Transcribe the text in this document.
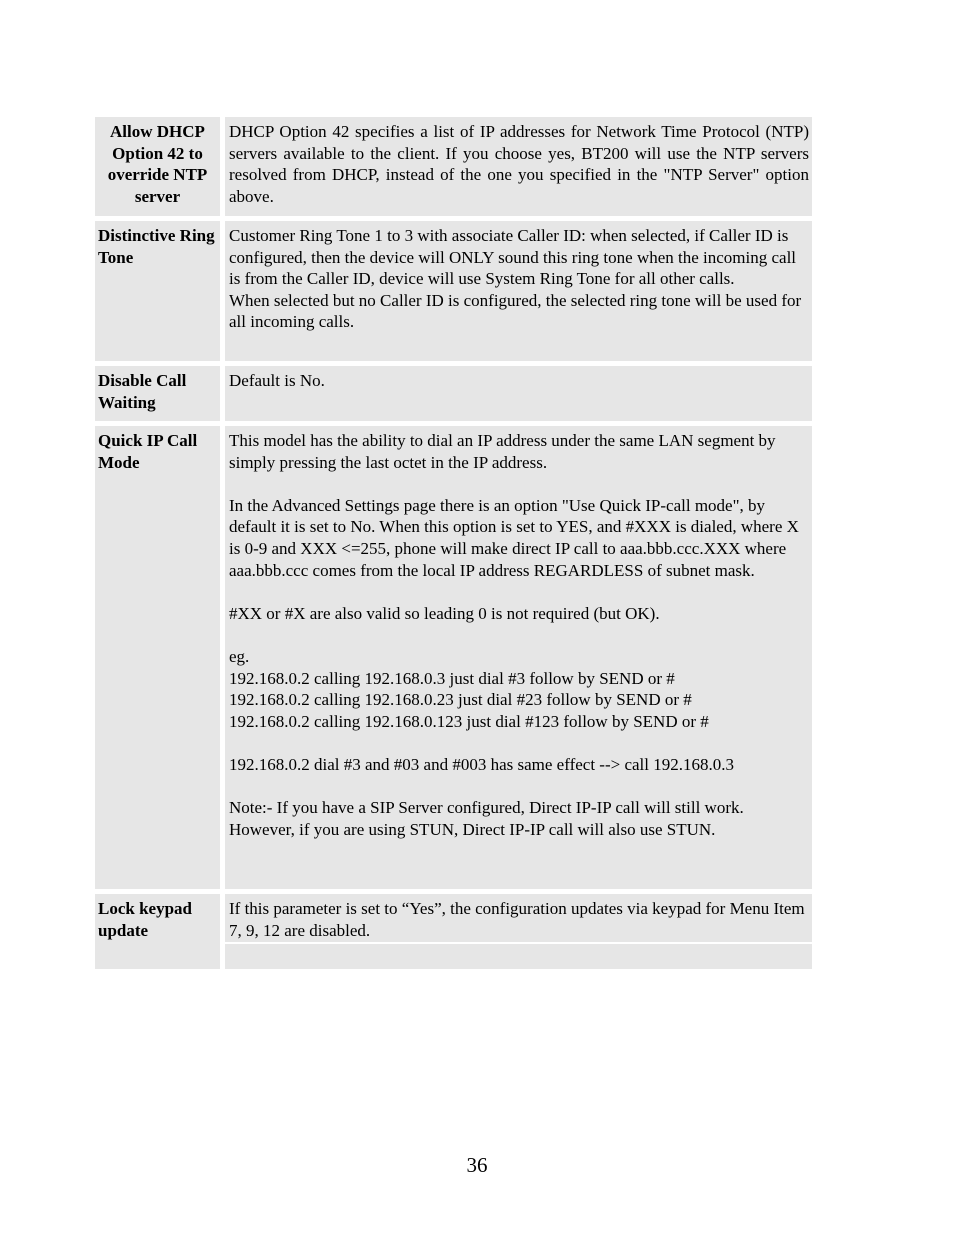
Allow DHCP Option 42 to override NTP server

DHCP Option 42 specifies a list of IP addresses for Network Time Protocol (NTP) servers available to the client. If you choose yes, BT200 will use the NTP servers resolved from DHCP, instead of the one you specified in the "NTP Server" option above.

Distinctive Ring Tone

Customer Ring Tone 1 to 3 with associate Caller ID: when selected, if Caller ID is configured, then the device will ONLY sound this ring tone when the incoming call is from the Caller ID, device will use System Ring Tone for all other calls.

When selected but no Caller ID is configured, the selected ring tone will be used for all incoming calls.

Disable Call Waiting

Default is No.

Quick IP Call Mode

This model has the ability to dial an IP address under the same LAN segment by simply pressing the last octet in the IP address.

In the Advanced Settings page there is an option "Use Quick IP-call mode", by default it is set to No. When this option is set to YES, and #XXX is dialed, where X is 0-9 and XXX <=255, phone will make direct IP call to aaa.bbb.ccc.XXX where aaa.bbb.ccc comes from the local IP address REGARDLESS of subnet mask.

#XX or #X are also valid so leading 0 is not required (but OK).

eg.

192.168.0.2 calling 192.168.0.3 just dial #3 follow by SEND or #

192.168.0.2 calling 192.168.0.23 just dial #23 follow by SEND or #

192.168.0.2 calling 192.168.0.123 just dial #123 follow by SEND or #

192.168.0.2 dial #3 and #03 and #003 has same effect --> call 192.168.0.3

Note:- If you have a SIP Server configured, Direct IP-IP call will still work.

However, if you are using STUN, Direct IP-IP call will also use STUN.

Lock keypad update

If this parameter is set to “Yes”, the configuration updates via keypad for Menu Item 7, 9, 12 are disabled.

36
